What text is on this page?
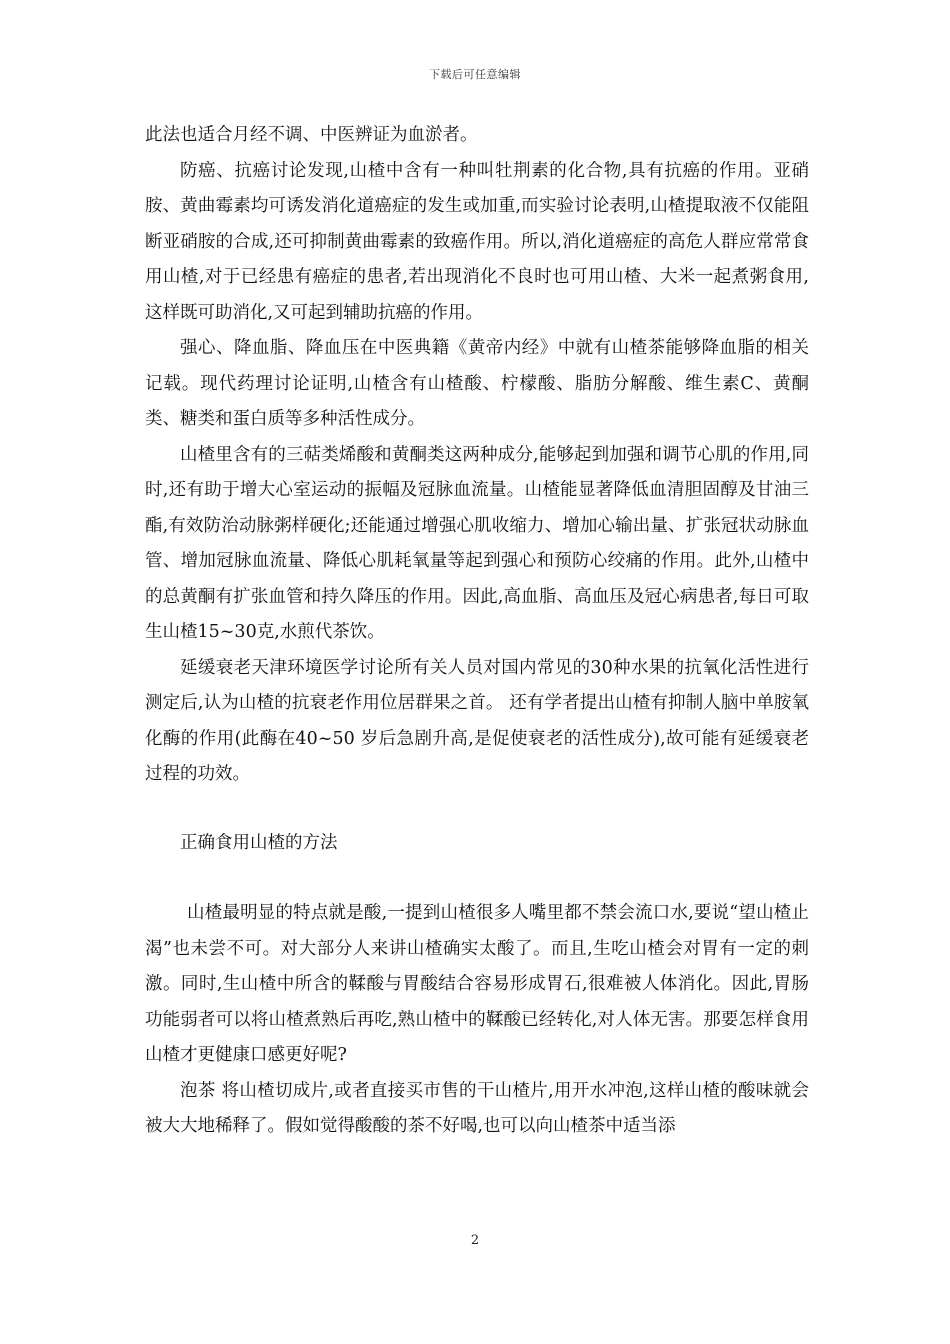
下载后可任意编辑

此法也适合月经不调、中医辨证为血淤者。

防癌、抗癌讨论发现,山楂中含有一种叫牡荆素的化合物,具有抗癌的作用。亚硝胺、黄曲霉素均可诱发消化道癌症的发生或加重,而实验讨论表明,山楂提取液不仅能阻断亚硝胺的合成,还可抑制黄曲霉素的致癌作用。所以,消化道癌症的高危人群应常常食用山楂,对于已经患有癌症的患者,若出现消化不良时也可用山楂、大米一起煮粥食用,这样既可助消化,又可起到辅助抗癌的作用。

强心、降血脂、降血压在中医典籍《黄帝内经》中就有山楂茶能够降血脂的相关记载。现代药理讨论证明,山楂含有山楂酸、柠檬酸、脂肪分解酸、维生素C、黄酮类、糖类和蛋白质等多种活性成分。

山楂里含有的三萜类烯酸和黄酮类这两种成分,能够起到加强和调节心肌的作用,同时,还有助于增大心室运动的振幅及冠脉血流量。山楂能显著降低血清胆固醇及甘油三酯,有效防治动脉粥样硬化;还能通过增强心肌收缩力、增加心输出量、扩张冠状动脉血管、增加冠脉血流量、降低心肌耗氧量等起到强心和预防心绞痛的作用。此外,山楂中的总黄酮有扩张血管和持久降压的作用。因此,高血脂、高血压及冠心病患者,每日可取生山楂15~30克,水煎代茶饮。

延缓衰老天津环境医学讨论所有关人员对国内常见的30种水果的抗氧化活性进行测定后,认为山楂的抗衰老作用位居群果之首。 还有学者提出山楂有抑制人脑中单胺氧化酶的作用(此酶在40~50 岁后急剧升高,是促使衰老的活性成分),故可能有延缓衰老过程的功效。

正确食用山楂的方法

山楂最明显的特点就是酸,一提到山楂很多人嘴里都不禁会流口水,要说“望山楂止渴”也未尝不可。对大部分人来讲山楂确实太酸了。而且,生吃山楂会对胃有一定的刺激。同时,生山楂中所含的鞣酸与胃酸结合容易形成胃石,很难被人体消化。因此,胃肠功能弱者可以将山楂煮熟后再吃,熟山楂中的鞣酸已经转化,对人体无害。那要怎样食用山楂才更健康口感更好呢?

泡茶 将山楂切成片,或者直接买市售的干山楂片,用开水冲泡,这样山楂的酸味就会被大大地稀释了。假如觉得酸酸的茶不好喝,也可以向山楂茶中适当添

2
